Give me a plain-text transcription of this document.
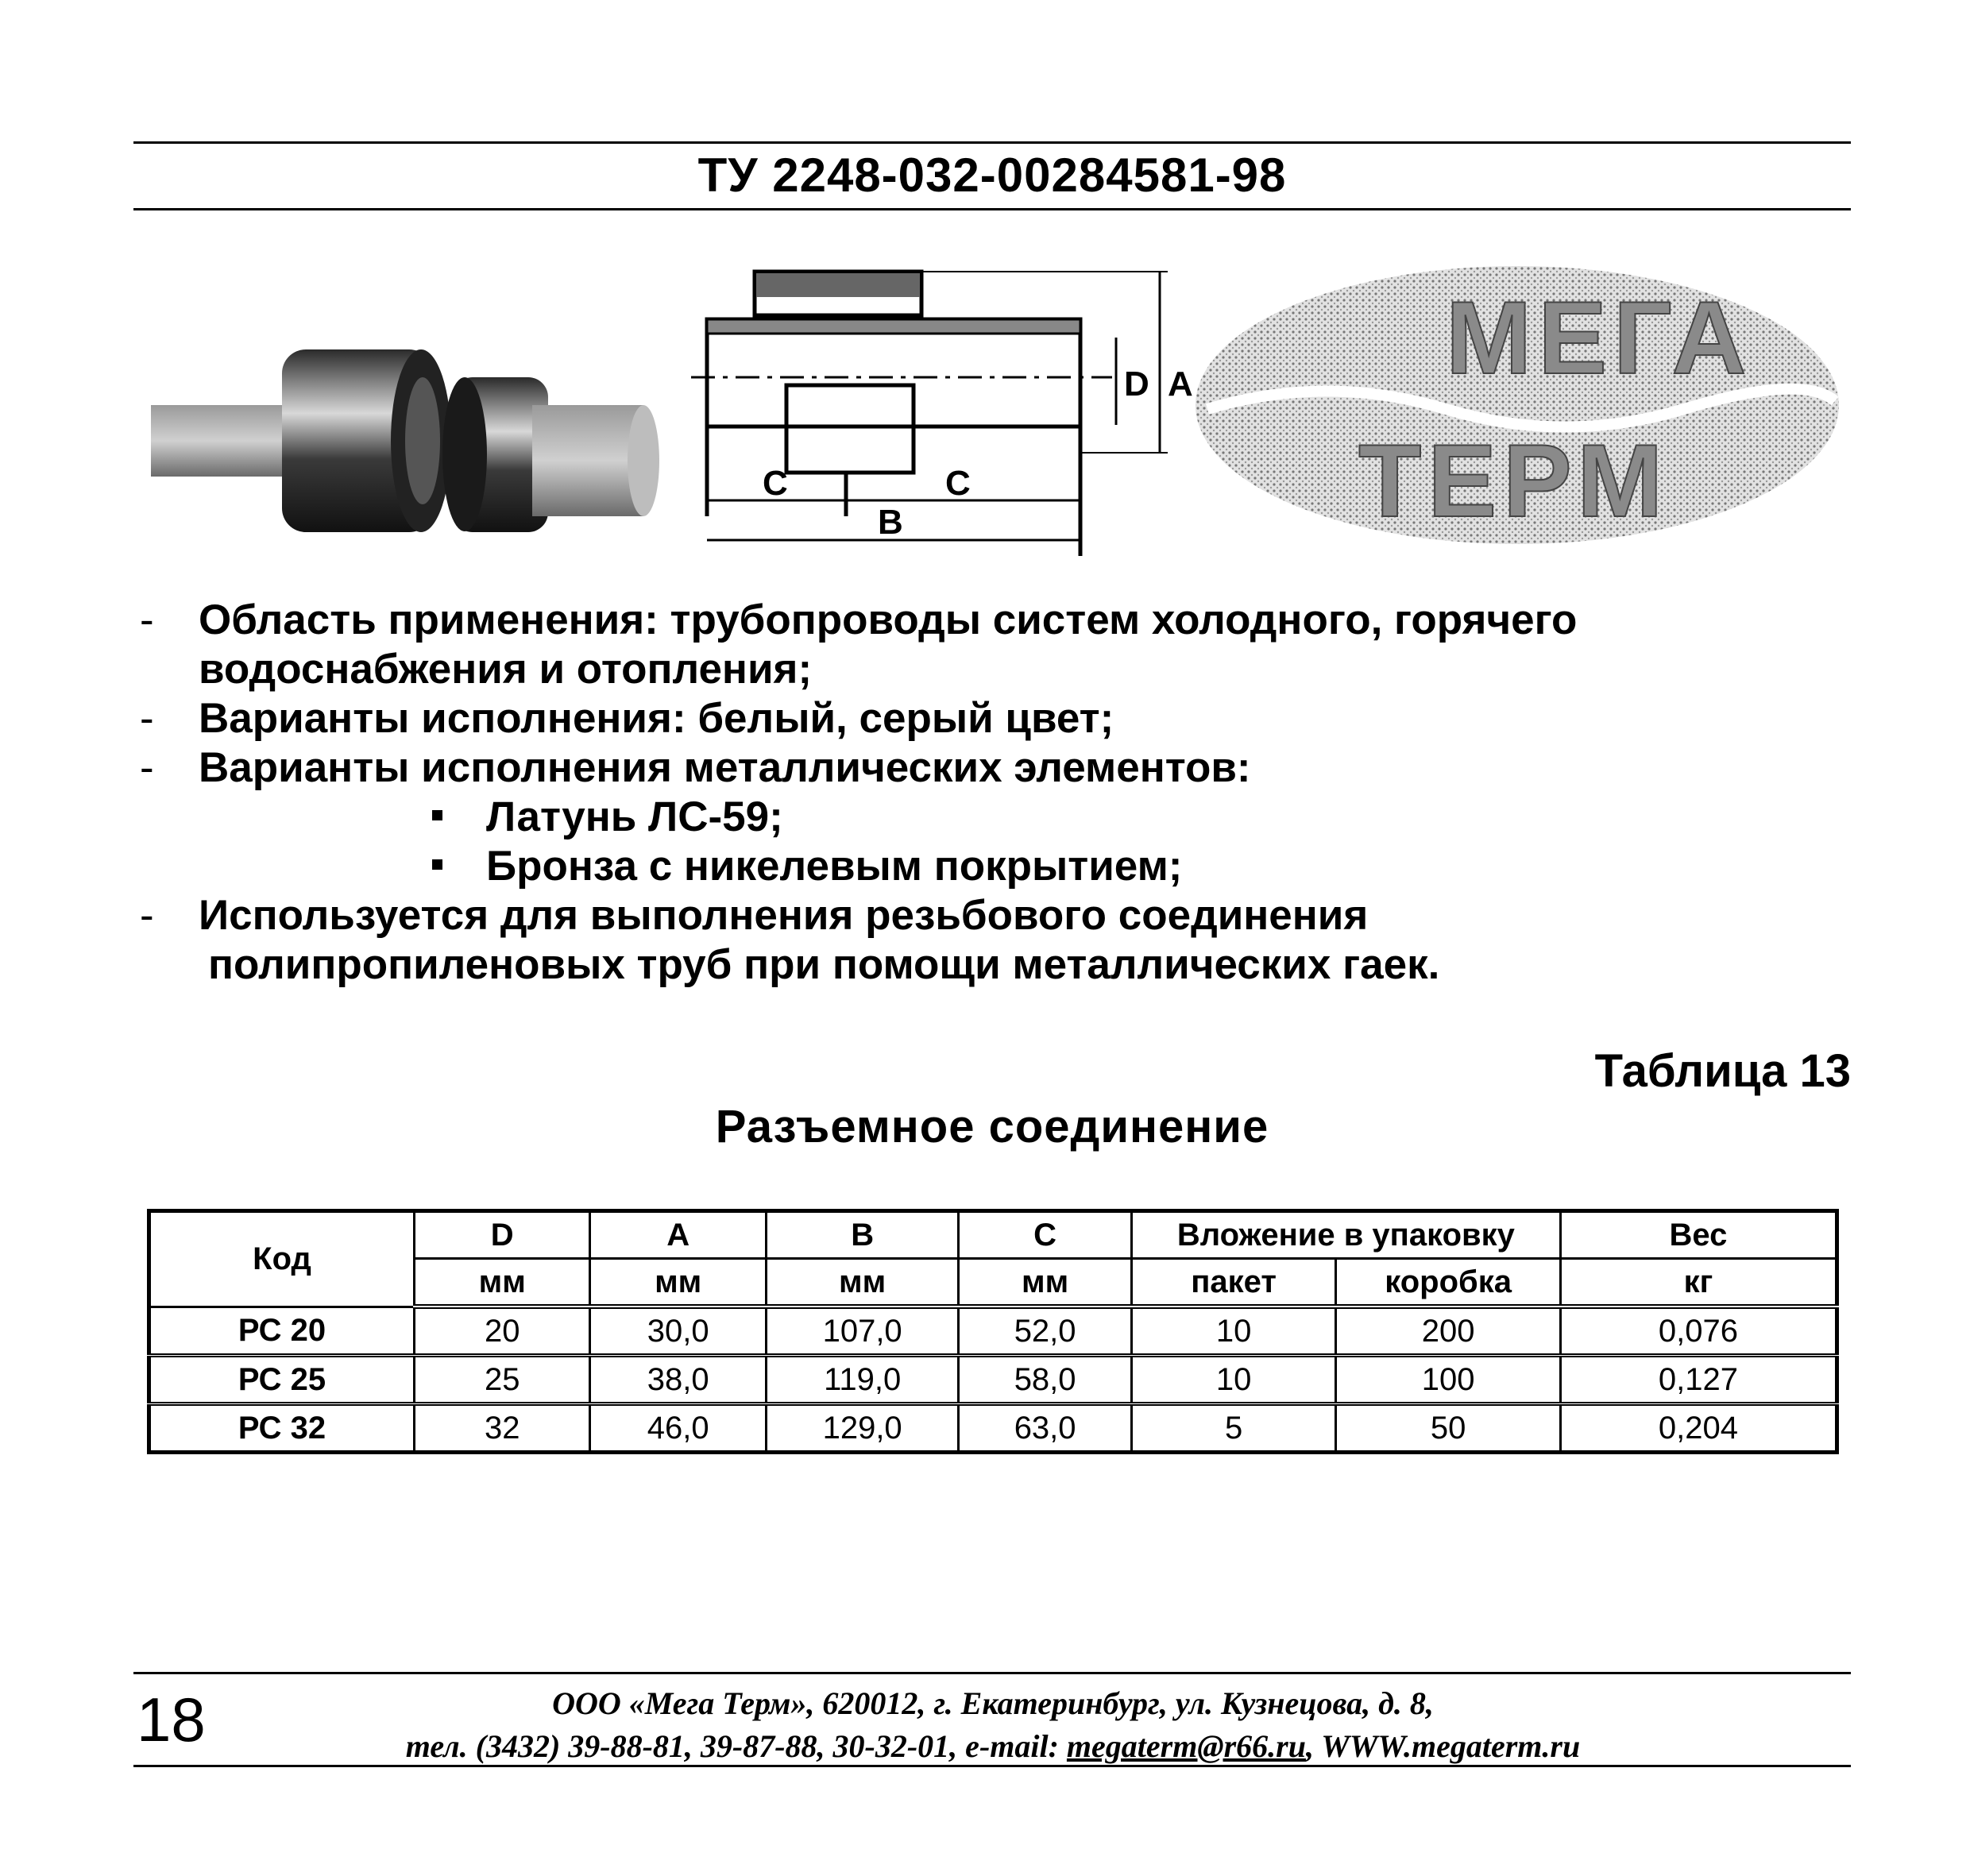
ТУ 2248-032-00284581-98
D A
C	C
B
МЕГА
ТЕРМ
- Область применения: трубопроводы систем холодного, горячего
водоснабжения и отопления;
- Варианты исполнения: белый, серый цвет;
- Варианты исполнения металлических элементов:
Латунь ЛС-59;
Бронза с никелевым покрытием;
- Используется для выполнения резьбового соединения
полипропиленовых труб при помощи металлических гаек.
Таблица 13
Разъемное соединение
Код	D	A	B	C	Вложение в упаковку		Вес
	мм	мм	мм	мм	пакет	коробка	кг
РС 20	20	30,0	107,0	52,0	10	200	0,076
РС 25	25	38,0	119,0	58,0	10	100	0,127
РС 32	32	46,0	129,0	63,0	5	50	0,204
18	ООО «Мега Терм», 620012, г. Екатеринбург, ул. Кузнецова, д. 8,
тел. (3432) 39-88-81, 39-87-88, 30-32-01, e-mail: megaterm@r66.ru, WWW.megaterm.ru
